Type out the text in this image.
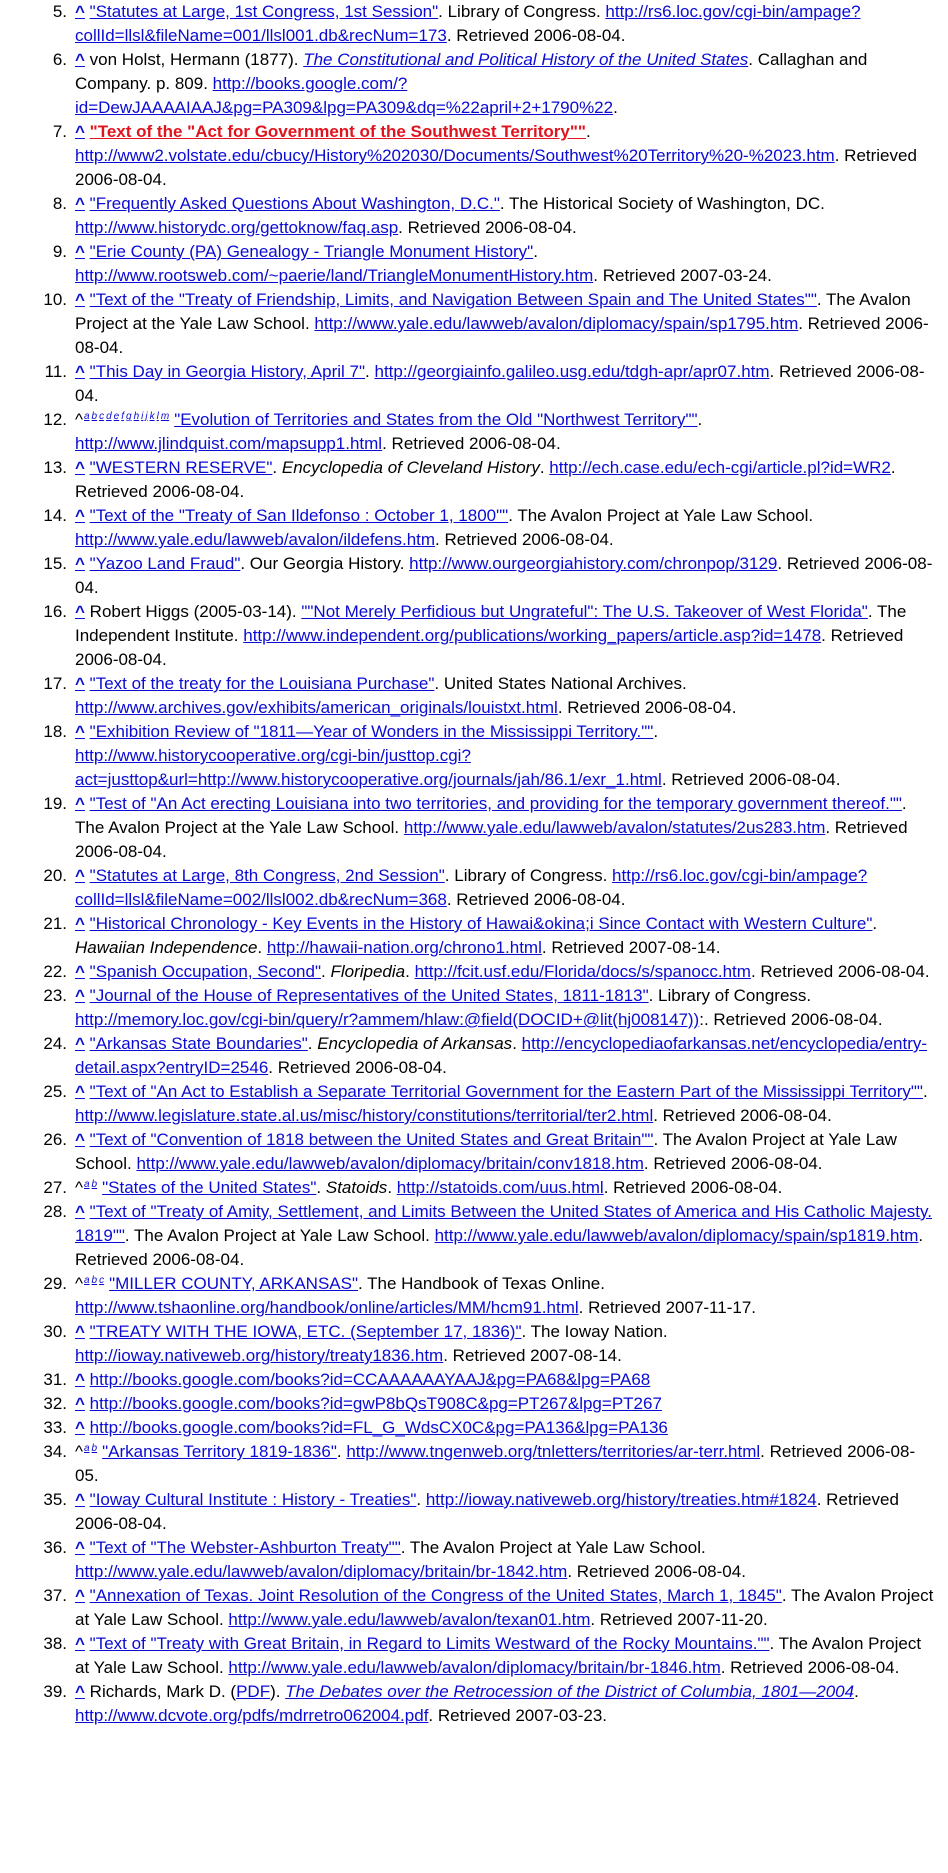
5. ^ "Statutes at Large, 1st Congress, 1st Session". Library of Congress. http://rs6.loc.gov/cgi-bin/ampage?collId=llsl&fileName=001/llsl001.db&recNum=173. Retrieved 2006-08-04.
6. ^ von Holst, Hermann (1877). The Constitutional and Political History of the United States. Callaghan and Company. p. 809. http://books.google.com/?id=DewJAAAAIAAJ&pg=PA309&lpg=PA309&dq=%22april+2+1790%22.
7. ^ "Text of the "Act for Government of the Southwest Territory"". http://www2.volstate.edu/cbucy/History%202030/Documents/Southwest%20Territory%20-%2023.htm. Retrieved 2006-08-04.
8. ^ "Frequently Asked Questions About Washington, D.C.". The Historical Society of Washington, DC. http://www.historydc.org/gettoknow/faq.asp. Retrieved 2006-08-04.
9. ^ "Erie County (PA) Genealogy - Triangle Monument History". http://www.rootsweb.com/~paerie/land/TriangleMonumentHistory.htm. Retrieved 2007-03-24.
10. ^ "Text of the "Treaty of Friendship, Limits, and Navigation Between Spain and The United States"". The Avalon Project at the Yale Law School. http://www.yale.edu/lawweb/avalon/diplomacy/spain/sp1795.htm. Retrieved 2006-08-04.
11. ^ "This Day in Georgia History, April 7". http://georgiainfo.galileo.usg.edu/tdgh-apr/apr07.htm. Retrieved 2006-08-04.
12. ^$^{a b c d e f g h i j k l m}$ "Evolution of Territories and States from the Old "Northwest Territory"". http://www.jlindquist.com/mapsupp1.html. Retrieved 2006-08-04.
13. ^ "WESTERN RESERVE". Encyclopedia of Cleveland History. http://ech.case.edu/ech-cgi/article.pl?id=WR2. Retrieved 2006-08-04.
14. ^ "Text of the "Treaty of San Ildefonso : October 1, 1800"". The Avalon Project at Yale Law School. http://www.yale.edu/lawweb/avalon/ildefens.htm. Retrieved 2006-08-04.
15. ^ "Yazoo Land Fraud". Our Georgia History. http://www.ourgeorgiahistory.com/chronpop/3129. Retrieved 2006-08-04.
16. ^ Robert Higgs (2005-03-14). ""Not Merely Perfidious but Ungrateful": The U.S. Takeover of West Florida". The Independent Institute. http://www.independent.org/publications/working_papers/article.asp?id=1478. Retrieved 2006-08-04.
17. ^ "Text of the treaty for the Louisiana Purchase". United States National Archives. http://www.archives.gov/exhibits/american_originals/louistxt.html. Retrieved 2006-08-04.
18. ^ "Exhibition Review of "1811—Year of Wonders in the Mississippi Territory."". http://www.historycooperative.org/cgi-bin/justtop.cgi?act=justtop&url=http://www.historycooperative.org/journals/jah/86.1/exr_1.html. Retrieved 2006-08-04.
19. ^ "Test of "An Act erecting Louisiana into two territories, and providing for the temporary government thereof."". The Avalon Project at the Yale Law School. http://www.yale.edu/lawweb/avalon/statutes/2us283.htm. Retrieved 2006-08-04.
20. ^ "Statutes at Large, 8th Congress, 2nd Session". Library of Congress. http://rs6.loc.gov/cgi-bin/ampage?collId=llsl&fileName=002/llsl002.db&recNum=368. Retrieved 2006-08-04.
21. ^ "Historical Chronology - Key Events in the History of Hawai&okina;i Since Contact with Western Culture". Hawaiian Independence. http://hawaii-nation.org/chrono1.html. Retrieved 2007-08-14.
22. ^ "Spanish Occupation, Second". Floripedia. http://fcit.usf.edu/Florida/docs/s/spanocc.htm. Retrieved 2006-08-04.
23. ^ "Journal of the House of Representatives of the United States, 1811-1813". Library of Congress. http://memory.loc.gov/cgi-bin/query/r?ammem/hlaw:@field(DOCID+@lit(hj008147)):. Retrieved 2006-08-04.
24. ^ "Arkansas State Boundaries". Encyclopedia of Arkansas. http://encyclopediaofarkansas.net/encyclopedia/entry-detail.aspx?entryID=2546. Retrieved 2006-08-04.
25. ^ "Text of "An Act to Establish a Separate Territorial Government for the Eastern Part of the Mississippi Territory"". http://www.legislature.state.al.us/misc/history/constitutions/territorial/ter2.html. Retrieved 2006-08-04.
26. ^ "Text of "Convention of 1818 between the United States and Great Britain"". The Avalon Project at Yale Law School. http://www.yale.edu/lawweb/avalon/diplomacy/britain/conv1818.htm. Retrieved 2006-08-04.
27. ^$^{a b}$ "States of the United States". Statoids. http://statoids.com/uus.html. Retrieved 2006-08-04.
28. ^ "Text of "Treaty of Amity, Settlement, and Limits Between the United States of America and His Catholic Majesty. 1819"". The Avalon Project at Yale Law School. http://www.yale.edu/lawweb/avalon/diplomacy/spain/sp1819.htm. Retrieved 2006-08-04.
29. ^$^{a b c}$ "MILLER COUNTY, ARKANSAS". The Handbook of Texas Online. http://www.tshaonline.org/handbook/online/articles/MM/hcm91.html. Retrieved 2007-11-17.
30. ^ "TREATY WITH THE IOWA, ETC. (September 17, 1836)". The Ioway Nation. http://ioway.nativeweb.org/history/treaty1836.htm. Retrieved 2007-08-14.
31. ^ http://books.google.com/books?id=CCAAAAAAYAAJ&pg=PA68&lpg=PA68
32. ^ http://books.google.com/books?id=gwP8bQsT908C&pg=PT267&lpg=PT267
33. ^ http://books.google.com/books?id=FL_G_WdsCX0C&pg=PA136&lpg=PA136
34. ^$^{a b}$ "Arkansas Territory 1819-1836". http://www.tngenweb.org/tnletters/territories/ar-terr.html. Retrieved 2006-08-05.
35. ^ "Ioway Cultural Institute : History - Treaties". http://ioway.nativeweb.org/history/treaties.htm#1824. Retrieved 2006-08-04.
36. ^ "Text of "The Webster-Ashburton Treaty"". The Avalon Project at Yale Law School. http://www.yale.edu/lawweb/avalon/diplomacy/britain/br-1842.htm. Retrieved 2006-08-04.
37. ^ "Annexation of Texas. Joint Resolution of the Congress of the United States, March 1, 1845". The Avalon Project at Yale Law School. http://www.yale.edu/lawweb/avalon/texan01.htm. Retrieved 2007-11-20.
38. ^ "Text of "Treaty with Great Britain, in Regard to Limits Westward of the Rocky Mountains."". The Avalon Project at Yale Law School. http://www.yale.edu/lawweb/avalon/diplomacy/britain/br-1846.htm. Retrieved 2006-08-04.
39. ^ Richards, Mark D. (PDF). The Debates over the Retrocession of the District of Columbia, 1801—2004. http://www.dcvote.org/pdfs/mdrretro062004.pdf. Retrieved 2007-03-23.
